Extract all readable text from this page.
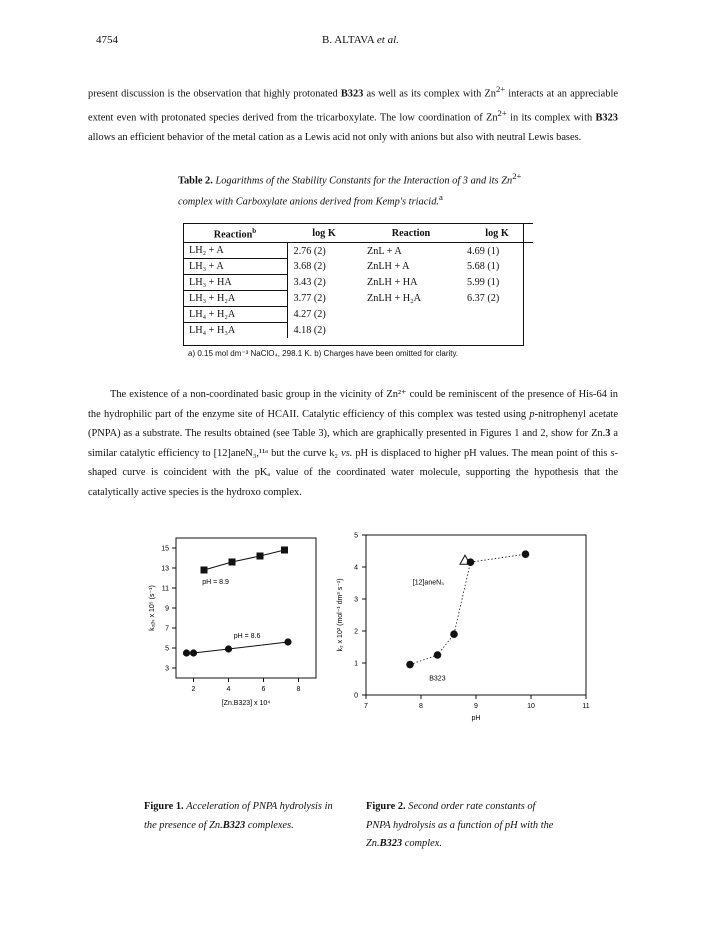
4754	B. ALTAVA et al.

present discussion is the observation that highly protonated B323 as well as its complex with $Zn^{2+}$ interacts at an appreciable extent even with protonated species derived from the tricarboxylate. The low coordination of $Zn^{2+}$ in its complex with B323 allows an efficient behavior of the metal cation as a Lewis acid not only with anions but also with neutral Lewis bases.

Table 2. Logarithms of the Stability Constants for the Interaction of 3 and its $Zn^{2+}$ complex with Carboxylate anions derived from Kemp's triacid.$^a$
Reaction$^b$	log K	Reaction	log K
LH₂ + A	2.76 (2)	ZnL + A	4.69 (1)
LH₃ + A	3.68 (2)	ZnLH + A	5.68 (1)
LH₃ + HA	3.43 (2)	ZnLH + HA	5.99 (1)
LH₃ + H₂A	3.77 (2)	ZnLH + H₂A	6.37 (2)
LH₄ + H₂A	4.27 (2)		
LH₄ + H₃A	4.18 (2)		
a) 0.15 mol dm⁻³ NaClO₄, 298.1 K. b) Charges have been omitted for clarity.

The existence of a non-coordinated basic group in the vicinity of Zn²⁺ could be reminiscent of the presence of His-64 in the hydrophilic part of the enzyme site of HCAII. Catalytic efficiency of this complex was tested using p-nitrophenyl acetate (PNPA) as a substrate. The results obtained (see Table 3), which are graphically presented in Figures 1 and 2, show for Zn.3 a similar catalytic efficiency to [12]aneN₃,¹¹ᵃ but the curve k₂ vs. pH is displaced to higher pH values. The mean point of this s-shaped curve is coincident with the pKₐ value of the coordinated water molecule, supporting the hypothesis that the catalytically active species is the hydroxo complex.

3
5
7
9
11
13
15
2	4	6	8
[Zn.B323] x 10⁴
kₒᵦₛ x 10⁵ (s⁻¹)
pH = 8.9
pH = 8.6
0
1
2
3
4
5
7	8	9	10	11
pH
k₂ x 10² (mol⁻¹ dm³ s⁻¹)	[12]aneN₃
B323
Figure 1. Acceleration of PNPA hydrolysis in the presence of Zn.B323 complexes.
Figure 2. Second order rate constants of PNPA hydrolysis as a function of pH with the Zn.B323 complex.
